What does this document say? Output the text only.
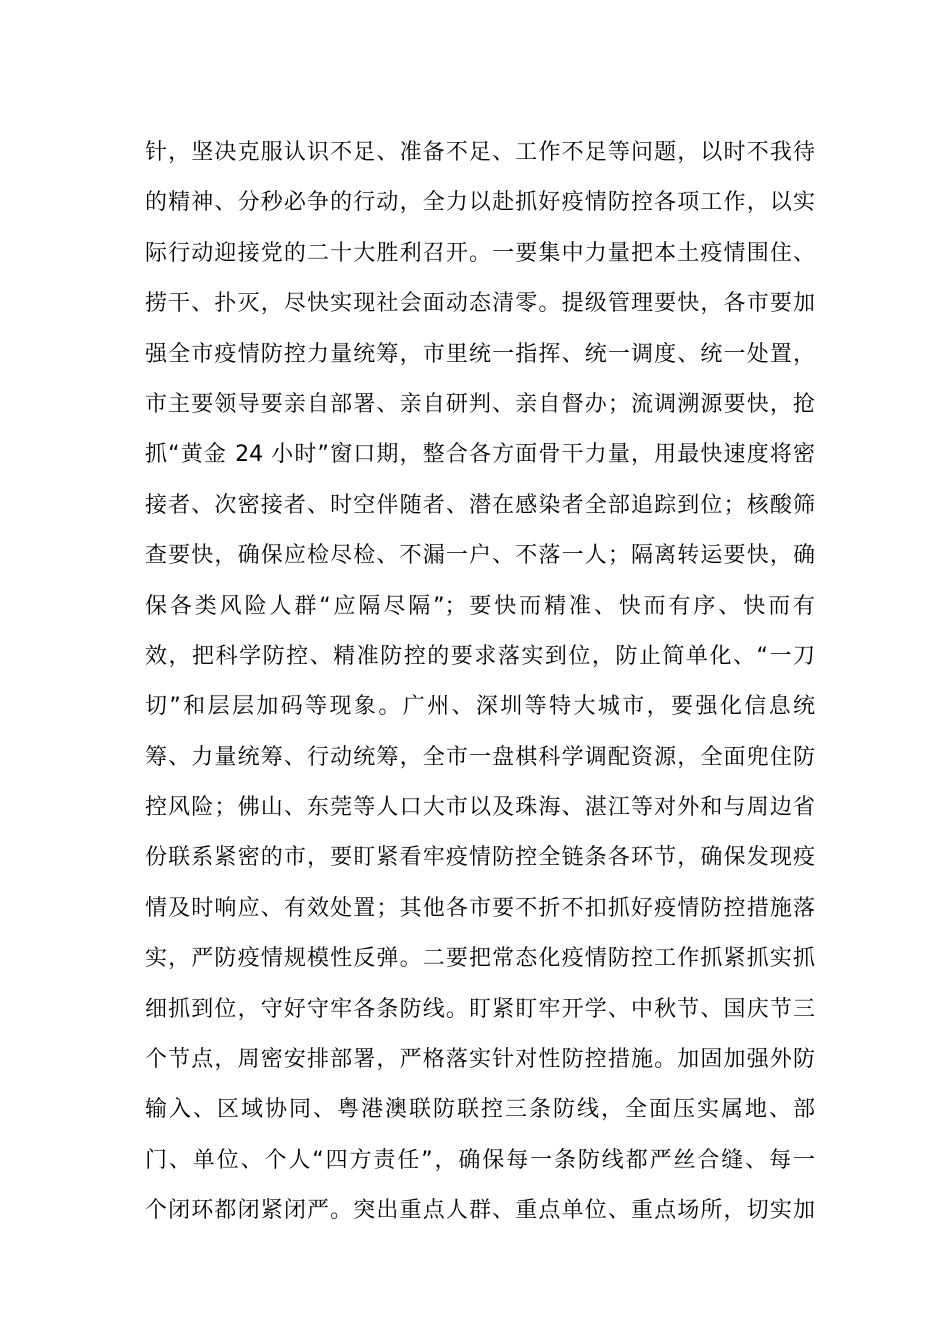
针，坚决克服认识不足、准备不足、工作不足等问题，以时不我待
的精神、分秒必争的行动，全力以赴抓好疫情防控各项工作，以实
际行动迎接党的二十大胜利召开。一要集中力量把本土疫情围住、
捞干、扑灭，尽快实现社会面动态清零。提级管理要快，各市要加
强全市疫情防控力量统筹，市里统一指挥、统一调度、统一处置，
市主要领导要亲自部署、亲自研判、亲自督办；流调溯源要快，抢
抓“黄金 24 小时”窗口期，整合各方面骨干力量，用最快速度将密
接者、次密接者、时空伴随者、潜在感染者全部追踪到位；核酸筛
查要快，确保应检尽检、不漏一户、不落一人；隔离转运要快，确
保各类风险人群“应隔尽隔”；要快而精准、快而有序、快而有
效，把科学防控、精准防控的要求落实到位，防止简单化、“一刀
切”和层层加码等现象。广州、深圳等特大城市，要强化信息统
筹、力量统筹、行动统筹，全市一盘棋科学调配资源，全面兜住防
控风险；佛山、东莞等人口大市以及珠海、湛江等对外和与周边省
份联系紧密的市，要盯紧看牢疫情防控全链条各环节，确保发现疫
情及时响应、有效处置；其他各市要不折不扣抓好疫情防控措施落
实，严防疫情规模性反弹。二要把常态化疫情防控工作抓紧抓实抓
细抓到位，守好守牢各条防线。盯紧盯牢开学、中秋节、国庆节三
个节点，周密安排部署，严格落实针对性防控措施。加固加强外防
输入、区域协同、粤港澳联防联控三条防线，全面压实属地、部
门、单位、个人“四方责任”，确保每一条防线都严丝合缝、每一
个闭环都闭紧闭严。突出重点人群、重点单位、重点场所，切实加
